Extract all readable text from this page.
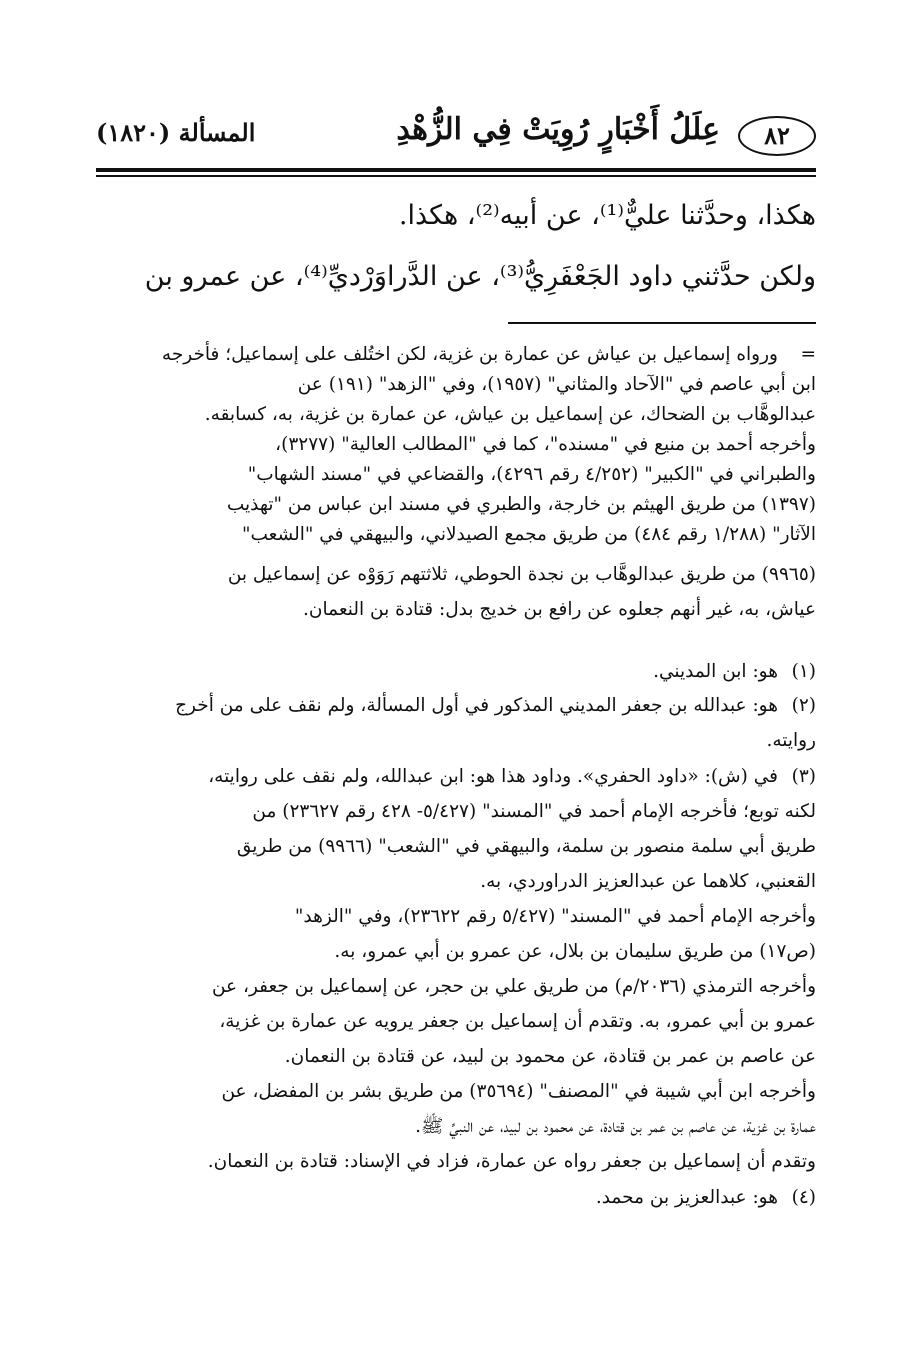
٨٢
عِلَلُ أَخْبَارٍ رُوِيَتْ فِي الزُّهْدِ
المسألة (١٨٢٠)
هكذا، وحدَّثنا عليٌّ⁽¹⁾، عن أبيه⁽²⁾، هكذا.
ولكن حدَّثني داود الجَعْفَرِيُّ⁽³⁾، عن الدَّراوَرْديِّ⁽⁴⁾، عن عمرو بن
=ورواه إسماعيل بن عياش عن عمارة بن غزية، لكن اختُلف على إسماعيل؛ فأخرجه
ابن أبي عاصم في "الآحاد والمثاني" (١٩٥٧)، وفي "الزهد" (١٩١) عن
عبدالوهَّاب بن الضحاك، عن إسماعيل بن عياش، عن عمارة بن غزية، به، كسابقه.
وأخرجه أحمد بن منيع في "مسنده"، كما في "المطالب العالية" (٣٢٧٧)،
والطبراني في "الكبير" (٤/٢٥٢ رقم ٤٢٩٦)، والقضاعي في "مسند الشهاب"
(١٣٩٧) من طريق الهيثم بن خارجة، والطبري في مسند ابن عباس من "تهذيب
الآثار" (١/٢٨٨ رقم ٤٨٤) من طريق مجمع الصيدلاني، والبيهقي في "الشعب"
(٩٩٦٥) من طريق عبدالوهَّاب بن نجدة الحوطي، ثلاثتهم رَوَوْه عن إسماعيل بن
عياش، به، غير أنهم جعلوه عن رافع بن خديج بدل: قتادة بن النعمان.
(١)هو: ابن المديني.
(٢)هو: عبدالله بن جعفر المديني المذكور في أول المسألة، ولم نقف على من أخرج
روايته.
(٣)في (ش): «داود الحفري». وداود هذا هو: ابن عبدالله، ولم نقف على روايته،
لكنه توبع؛ فأخرجه الإمام أحمد في "المسند" (٥/٤٢٧- ٤٢٨ رقم ٢٣٦٢٧) من
طريق أبي سلمة منصور بن سلمة، والبيهقي في "الشعب" (٩٩٦٦) من طريق
القعنبي، كلاهما عن عبدالعزيز الدراوردي، به.
وأخرجه الإمام أحمد في "المسند" (٥/٤٢٧ رقم ٢٣٦٢٢)، وفي "الزهد"
(ص١٧) من طريق سليمان بن بلال، عن عمرو بن أبي عمرو، به.
وأخرجه الترمذي (٢٠٣٦/م) من طريق علي بن حجر، عن إسماعيل بن جعفر، عن
عمرو بن أبي عمرو، به. وتقدم أن إسماعيل بن جعفر يرويه عن عمارة بن غزية،
عن عاصم بن عمر بن قتادة، عن محمود بن لبيد، عن قتادة بن النعمان.
وأخرجه ابن أبي شيبة في "المصنف" (٣٥٦٩٤) من طريق بشر بن المفضل، عن
عمارة بن غزية، عن عاصم بن عمر بن قتادة، عن محمود بن لبيد، عن النبيِّ ﷺ.
وتقدم أن إسماعيل بن جعفر رواه عن عمارة، فزاد في الإسناد: قتادة بن النعمان.
(٤)هو: عبدالعزيز بن محمد.
